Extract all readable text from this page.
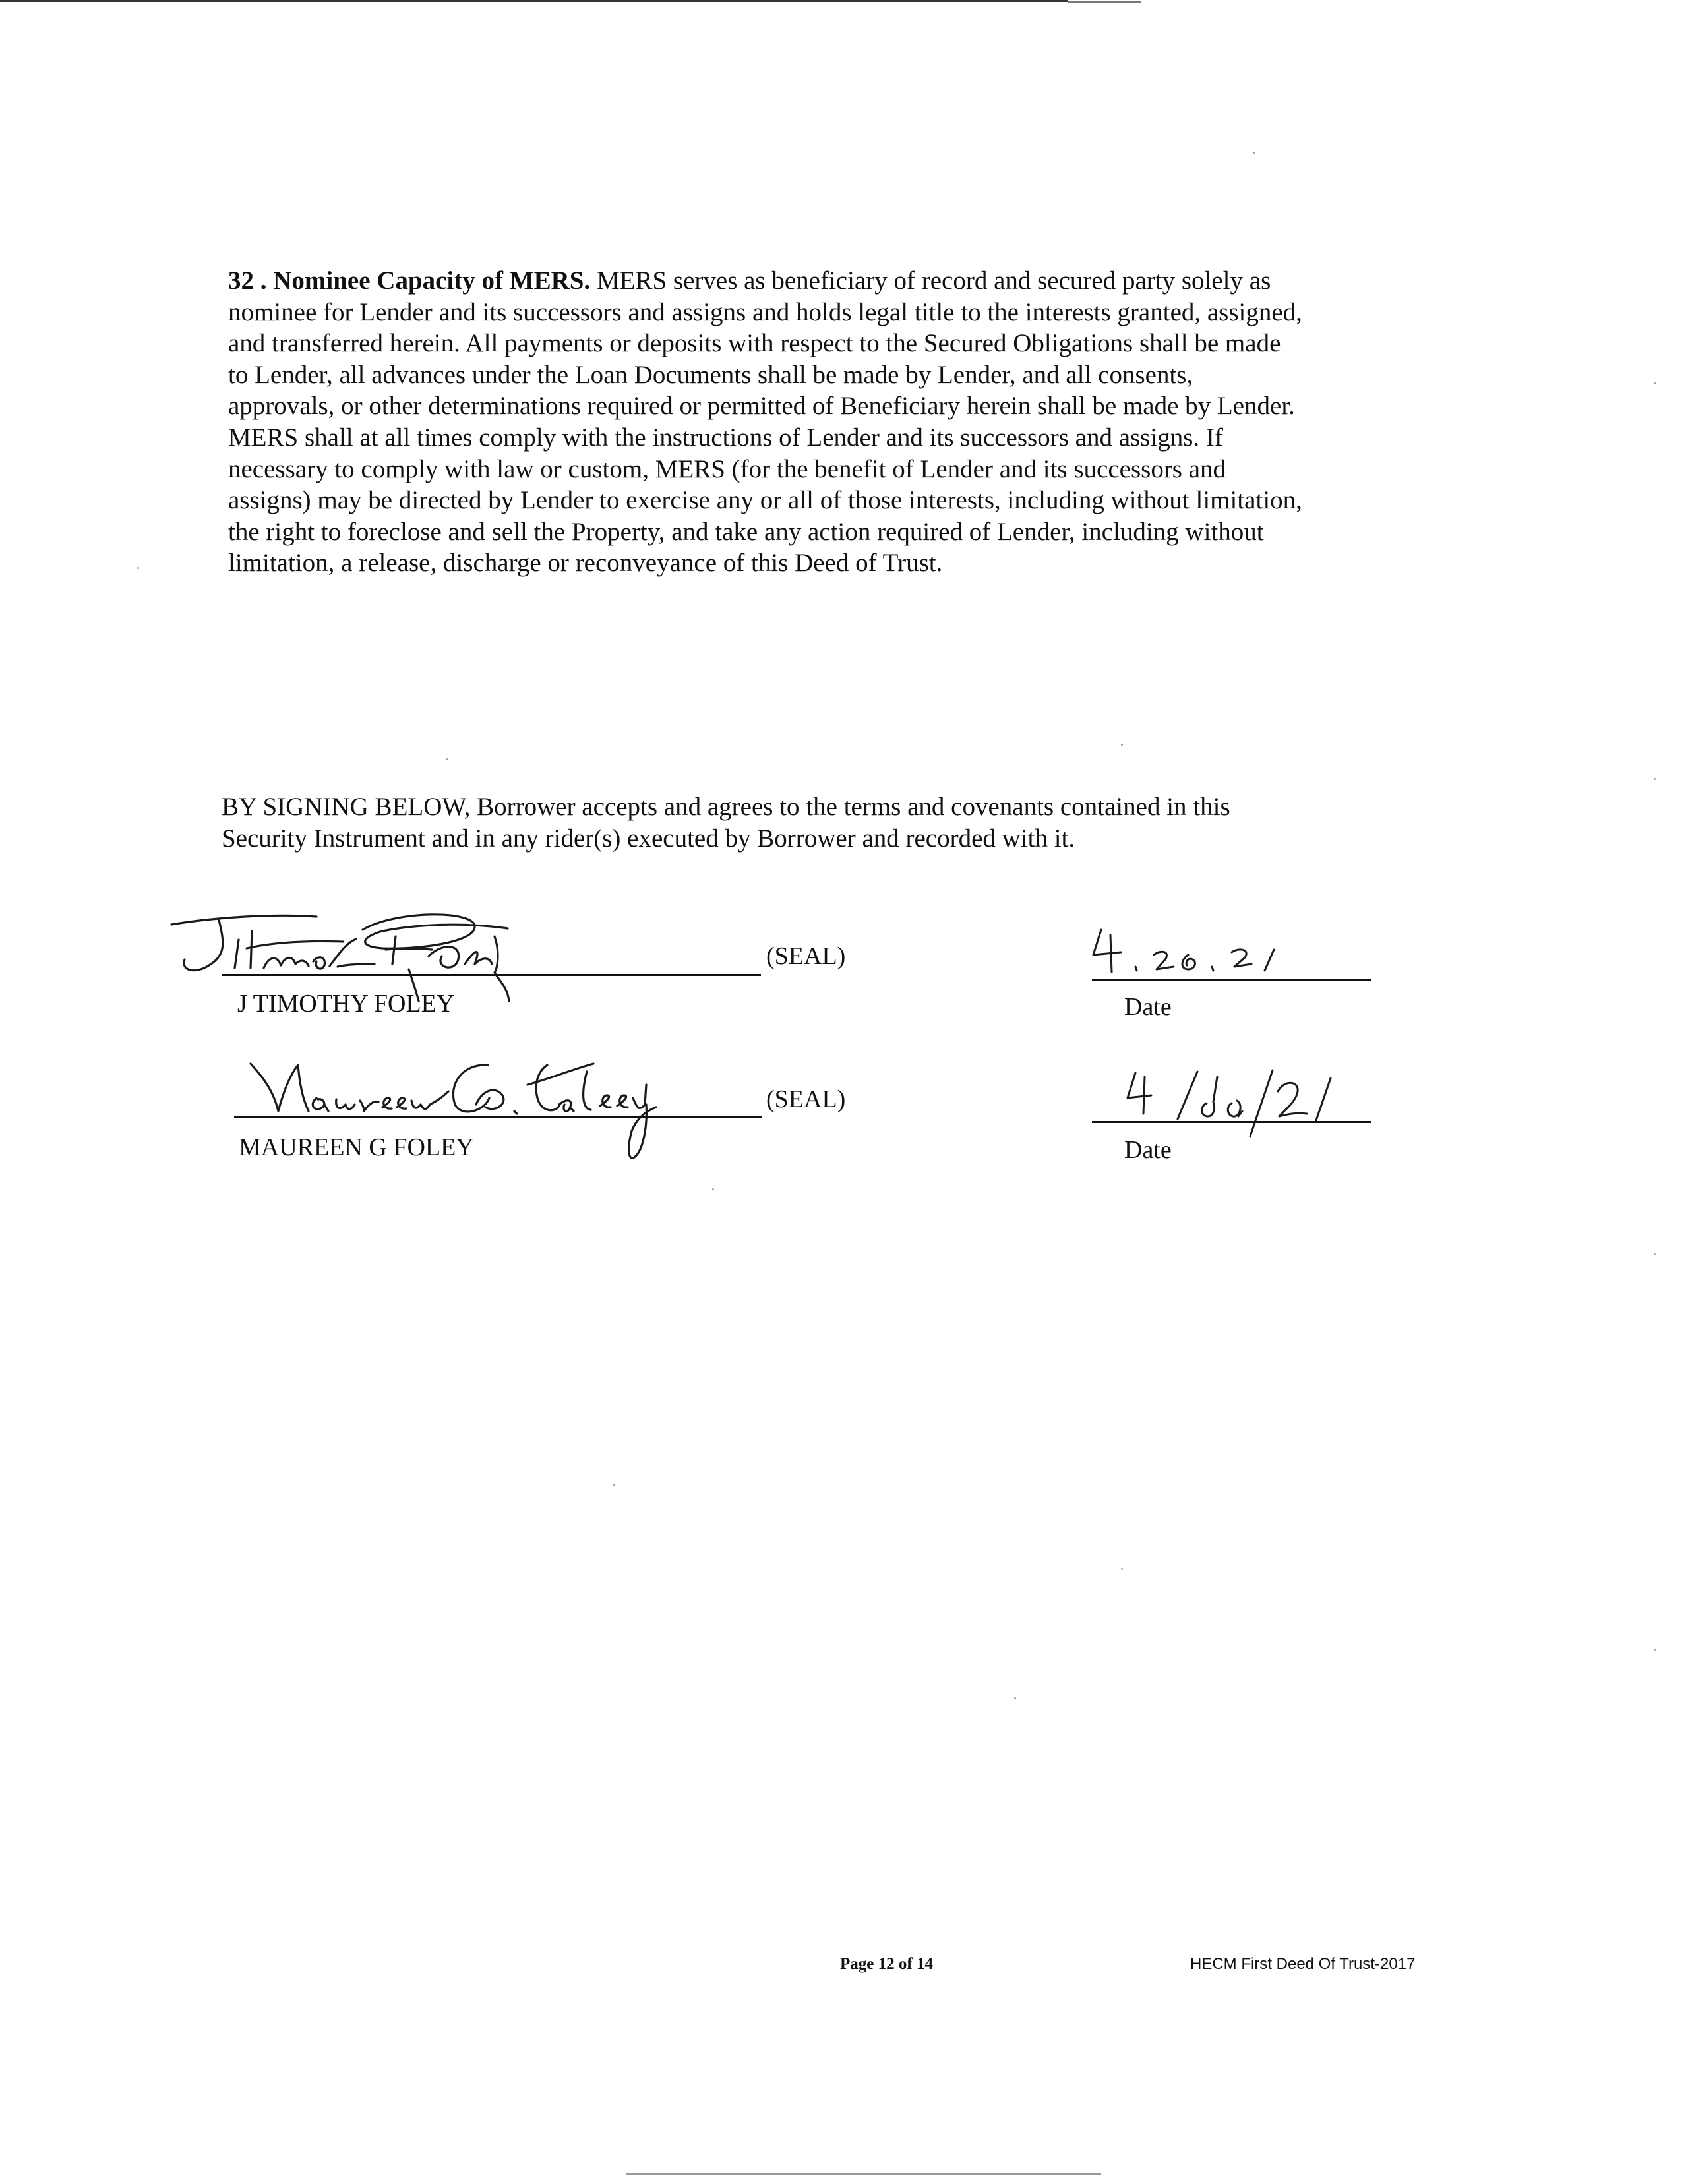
32 . Nominee Capacity of MERS. MERS serves as beneficiary of record and secured party solely as
nominee for Lender and its successors and assigns and holds legal title to the interests granted, assigned,
and transferred herein. All payments or deposits with respect to the Secured Obligations shall be made
to Lender, all advances under the Loan Documents shall be made by Lender, and all consents,
approvals, or other determinations required or permitted of Beneficiary herein shall be made by Lender.
MERS shall at all times comply with the instructions of Lender and its successors and assigns. If
necessary to comply with law or custom, MERS (for the benefit of Lender and its successors and
assigns) may be directed by Lender to exercise any or all of those interests, including without limitation,
the right to foreclose and sell the Property, and take any action required of Lender, including without
limitation, a release, discharge or reconveyance of this Deed of Trust.

BY SIGNING BELOW, Borrower accepts and agrees to the terms and covenants contained in this
Security Instrument and in any rider(s) executed by Borrower and recorded with it.

(SEAL)
J TIMOTHY FOLEY	Date
(SEAL)
MAUREEN G FOLEY	Date
Page 12 of 14	HECM First Deed Of Trust-2017
